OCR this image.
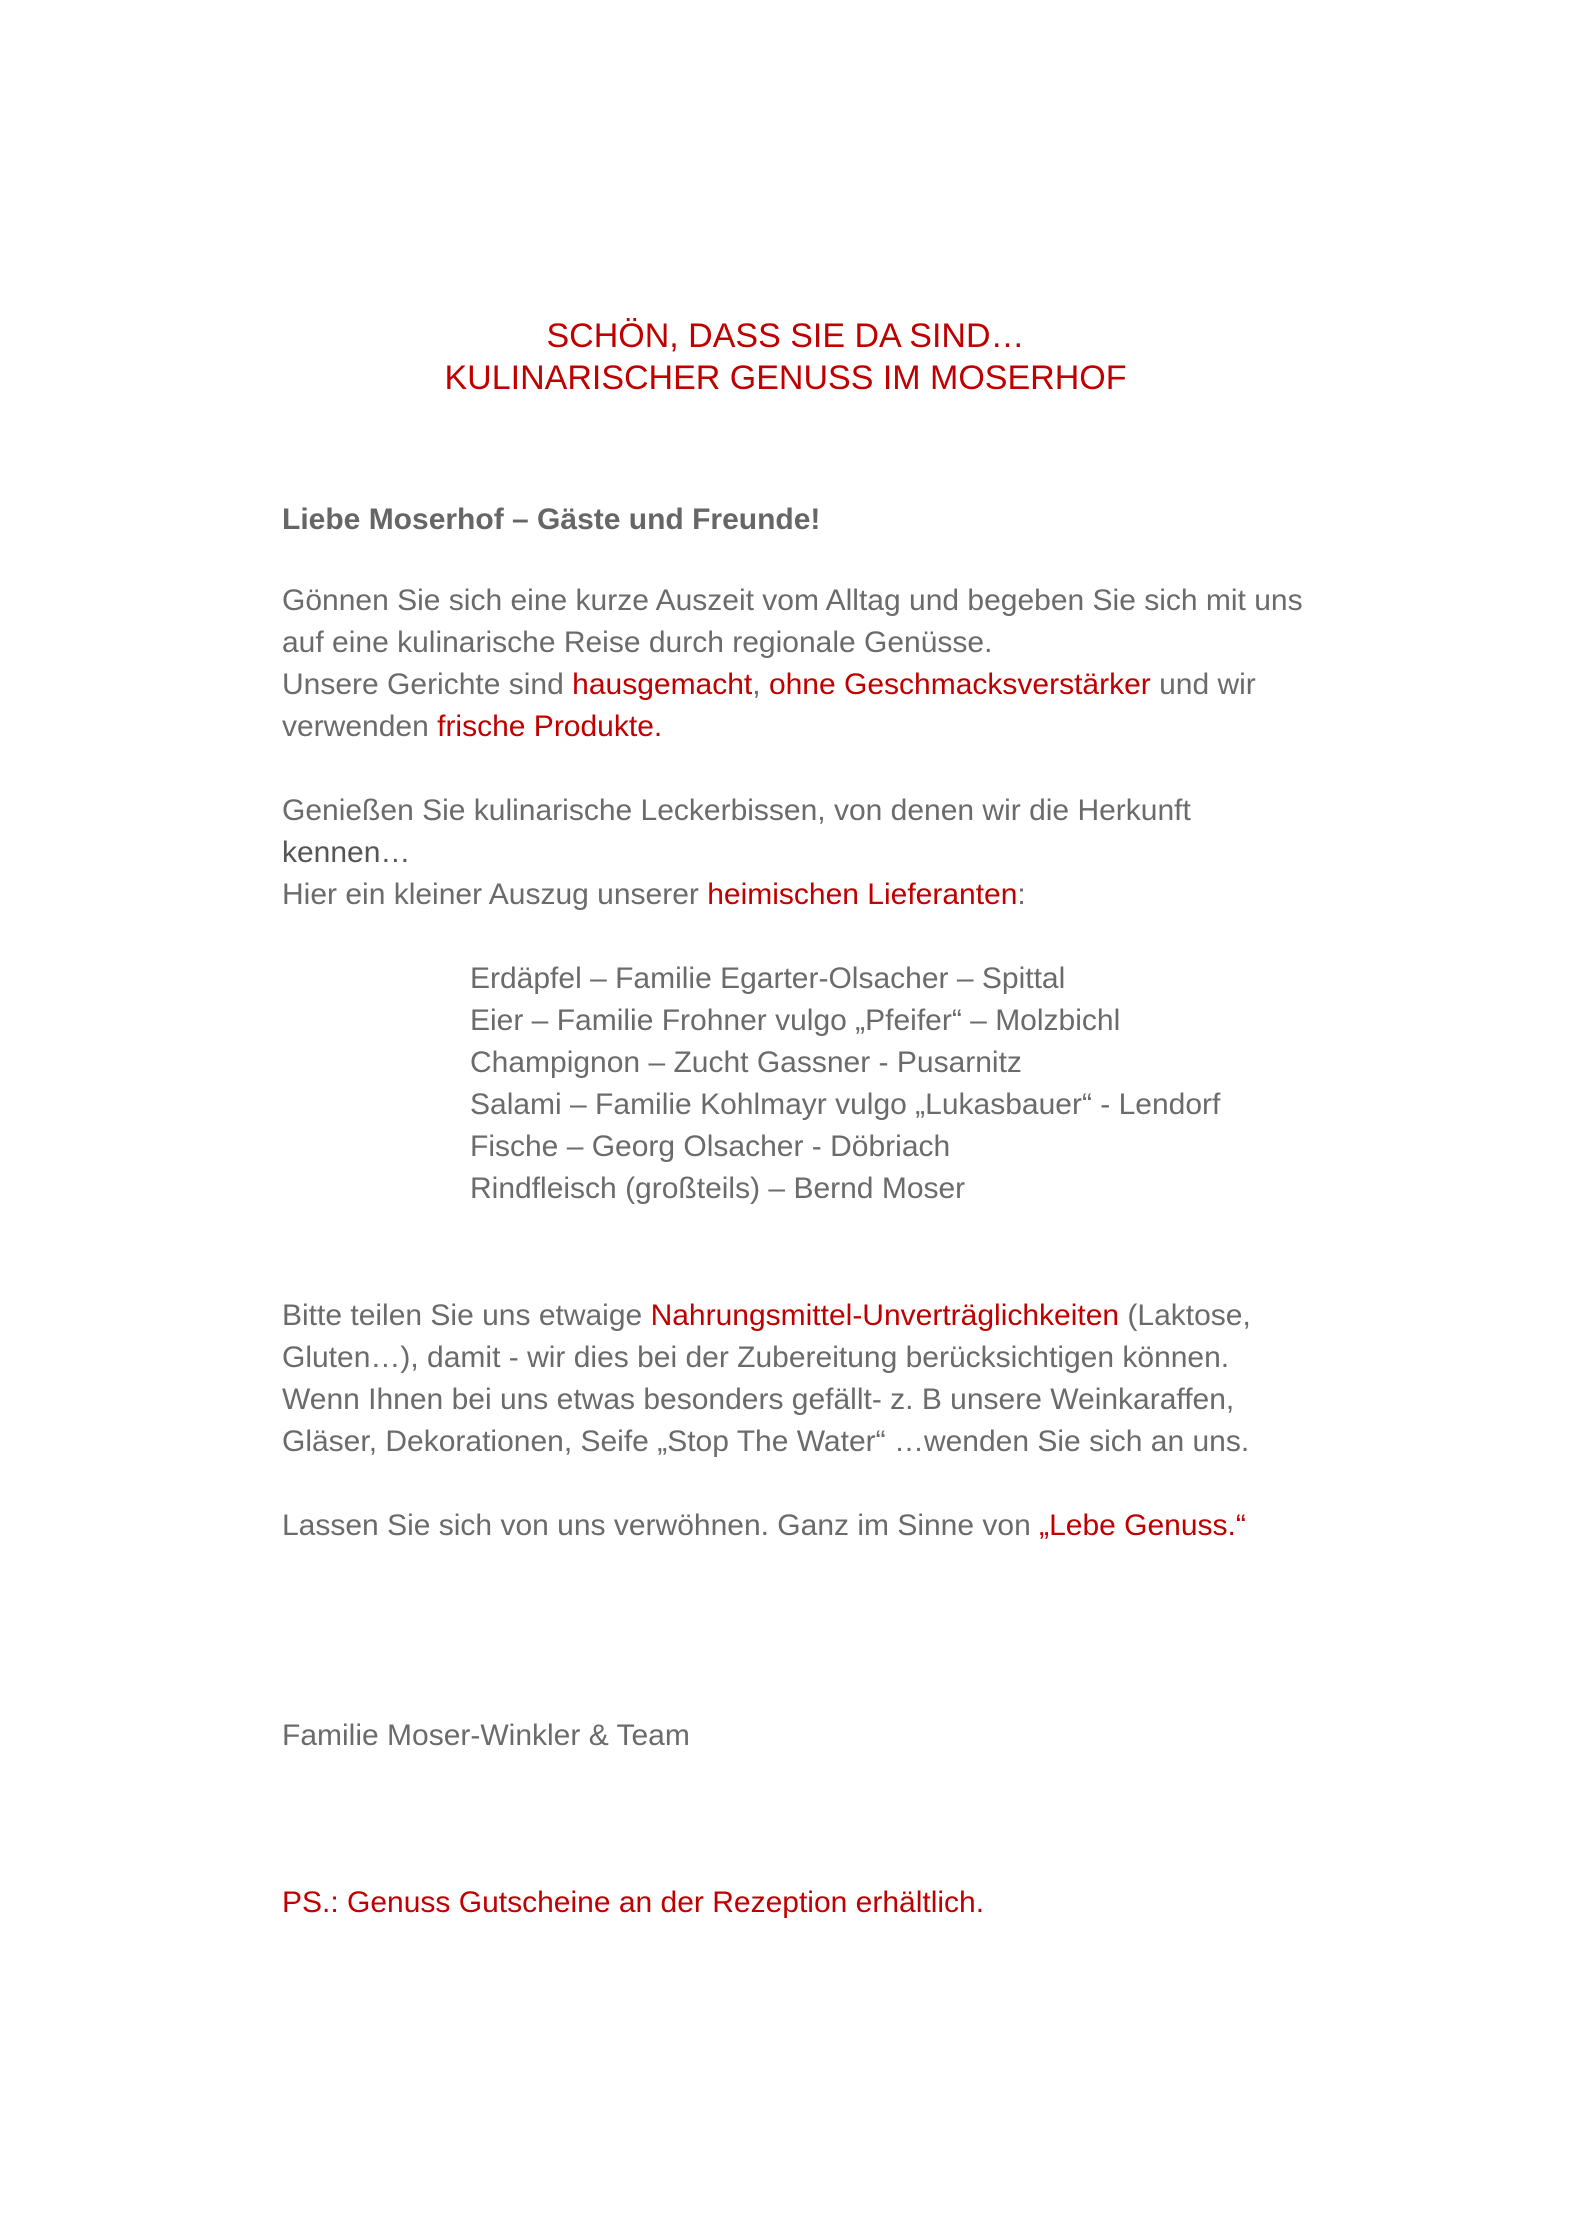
SCHÖN, DASS SIE DA SIND…
KULINARISCHER GENUSS IM MOSERHOF
Liebe Moserhof – Gäste und Freunde!
Gönnen Sie sich eine kurze Auszeit vom Alltag und begeben Sie sich mit uns
auf eine kulinarische Reise durch regionale Genüsse.
Unsere Gerichte sind hausgemacht, ohne Geschmacksverstärker und wir
verwenden frische Produkte.
Genießen Sie kulinarische Leckerbissen, von denen wir die Herkunft
kennen…
Hier ein kleiner Auszug unserer heimischen Lieferanten:
Erdäpfel – Familie Egarter-Olsacher – Spittal
Eier – Familie Frohner vulgo „Pfeifer“ – Molzbichl
Champignon – Zucht Gassner - Pusarnitz
Salami – Familie Kohlmayr vulgo „Lukasbauer“ - Lendorf
Fische – Georg Olsacher - Döbriach
Rindfleisch (großteils) – Bernd Moser
Bitte teilen Sie uns etwaige Nahrungsmittel-Unverträglichkeiten (Laktose,
Gluten…), damit - wir dies bei der Zubereitung berücksichtigen können.
Wenn Ihnen bei uns etwas besonders gefällt- z. B unsere Weinkaraffen,
Gläser, Dekorationen, Seife „Stop The Water“ …wenden Sie sich an uns.
Lassen Sie sich von uns verwöhnen. Ganz im Sinne von „Lebe Genuss.“
Familie Moser-Winkler & Team
PS.: Genuss Gutscheine an der Rezeption erhältlich.
